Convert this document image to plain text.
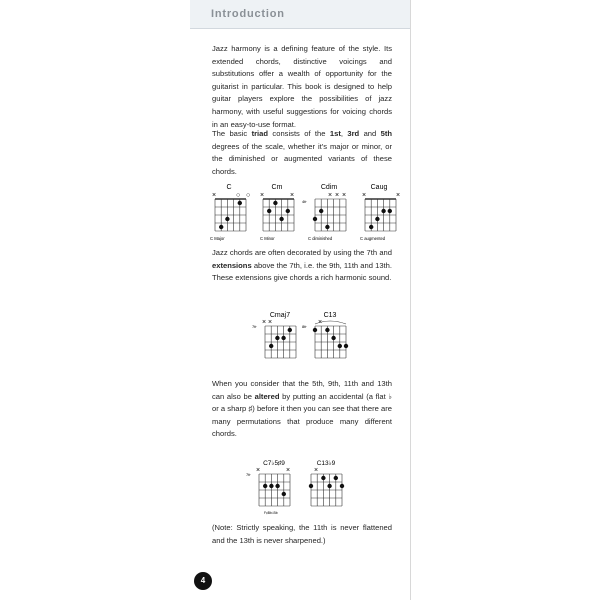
Introduction
Jazz harmony is a defining feature of the style. Its extended chords, distinctive voicings and substitutions offer a wealth of opportunity for the guitarist in particular. This book is designed to help guitar players explore the possibilities of jazz harmony, with useful suggestions for voicing chords in an easy-to-use format.
The basic triad consists of the 1st, 3rd and 5th degrees of the scale, whether it's major or minor, or the diminished or augmented variants of these chords.
C
×	○ ○
C Major
Cm
×	×
C Minor
Cdim
4fr
× × ×
C diminished
Caug
×	×
C augmented
Jazz chords are often decorated by using the 7th and extensions above the 7th, i.e. the 9th, 11th and 13th. These extensions give chords a rich harmonic sound.
Cmaj7
7fr
× ×
C13
8fr
×
When you consider that the 5th, 9th, 11th and 13th can also be altered by putting an accidental (a flat ♭ or a sharp ♯) before it then you can see that there are many permutations that produce many different chords.
C7♭5♯9
7fr
×	×
F♯Bb♭Bb
C13♭9
×
(Note: Strictly speaking, the 11th is never flattened and the 13th is never sharpened.)
4
